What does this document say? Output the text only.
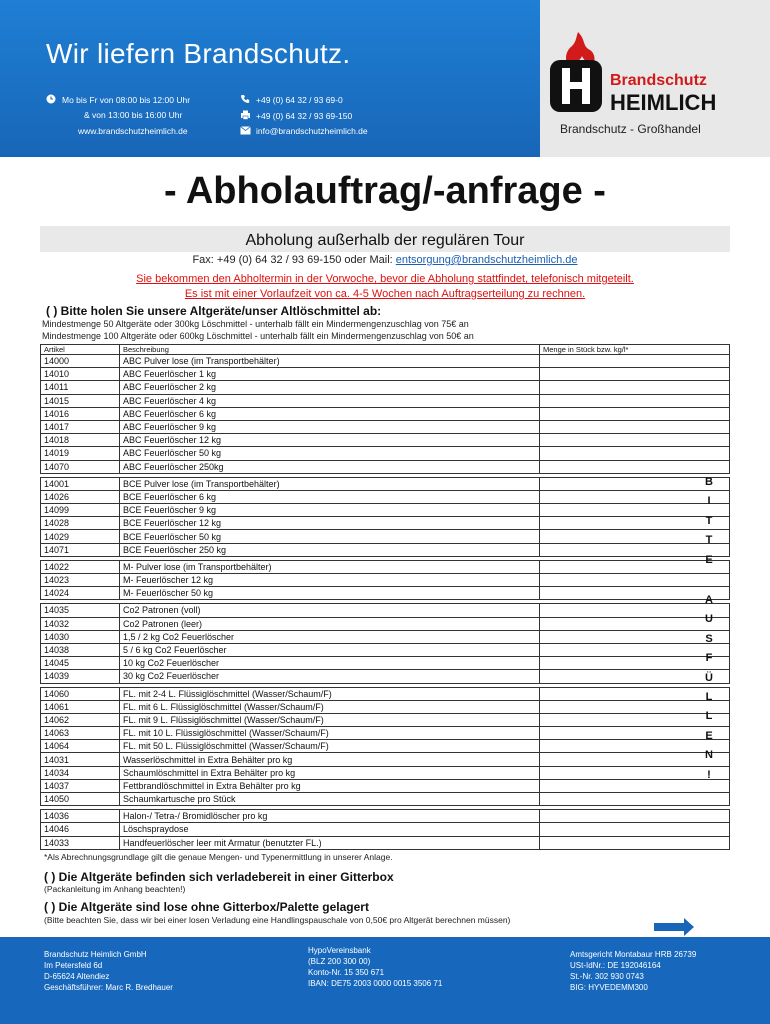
Wir liefern Brandschutz.
Mo bis Fr von 08:00 bis 12:00 Uhr
& von 13:00 bis 16:00 Uhr
www.brandschutzheimlich.de
+49 (0) 64 32 / 93 69-0
+49 (0) 64 32 / 93 69-150
info@brandschutzheimlich.de
Brandschutz
HEIMLICH
Brandschutz - Großhandel
- Abholauftrag/-anfrage -
Abholung außerhalb der regulären Tour
Fax: +49 (0) 64 32 / 93 69-150 oder Mail: entsorgung@brandschutzheimlich.de
Sie bekommen den Abholtermin in der Vorwoche, bevor die Abholung stattfindet, telefonisch mitgeteilt.
Es ist mit einer Vorlaufzeit von ca. 4-5 Wochen nach Auftragserteilung zu rechnen.
( ) Bitte holen Sie unsere Altgeräte/unser Altlöschmittel ab:
Mindestmenge 50 Altgeräte oder 300kg Löschmittel - unterhalb fällt ein Mindermengenzuschlag von 75€ an
Mindestmenge 100 Altgeräte oder 600kg Löschmittel - unterhalb fällt ein Mindermengenzuschlag von 50€ an
Artikel	Beschreibung	Menge in Stück bzw. kg/l*
14000	ABC Pulver lose (im Transportbehälter)	
14010	ABC Feuerlöscher 1 kg	
14011	ABC Feuerlöscher 2 kg	
14015	ABC Feuerlöscher 4 kg	
14016	ABC Feuerlöscher 6 kg	
14017	ABC Feuerlöscher 9 kg	
14018	ABC Feuerlöscher 12 kg	
14019	ABC Feuerlöscher 50 kg	
14070	ABC Feuerlöscher 250kg	

14001	BCE Pulver lose (im Transportbehälter)	
14026	BCE Feuerlöscher 6 kg	
14099	BCE Feuerlöscher 9 kg	
14028	BCE Feuerlöscher 12 kg	
14029	BCE Feuerlöscher 50 kg	
14071	BCE Feuerlöscher 250 kg	

14022	M- Pulver lose (im Transportbehälter)	
14023	M- Feuerlöscher 12 kg	
14024	M- Feuerlöscher 50 kg	

14035	Co2 Patronen (voll)	
14032	Co2 Patronen (leer)	
14030	1,5 / 2 kg Co2 Feuerlöscher	
14038	5 / 6 kg Co2 Feuerlöscher	
14045	10 kg Co2 Feuerlöscher	
14039	30 kg Co2 Feuerlöscher	

14060	FL. mit 2-4 L. Flüssiglöschmittel (Wasser/Schaum/F)	
14061	FL. mit 6 L. Flüssiglöschmittel (Wasser/Schaum/F)	
14062	FL. mit 9 L. Flüssiglöschmittel (Wasser/Schaum/F)	
14063	FL. mit 10 L. Flüssiglöschmittel (Wasser/Schaum/F)	
14064	FL. mit 50 L. Flüssiglöschmittel (Wasser/Schaum/F)	
14031	Wasserlöschmittel in Extra Behälter pro kg	
14034	Schaumlöschmittel in Extra Behälter pro kg	
14037	Fettbrandlöschmittel in Extra Behälter pro kg	
14050	Schaumkartusche pro Stück	

14036	Halon-/ Tetra-/ Bromidlöscher pro kg	
14046	Löschspraydose	
14033	Handfeuerlöscher leer mit Armatur (benutzter FL.)	
B
I
T
T
E
A
U
S
F
Ü
L
L
E
N
!
*Als Abrechnungsgrundlage gilt die genaue Mengen- und Typenermittlung in unserer Anlage.
( ) Die Altgeräte befinden sich verladebereit in einer Gitterbox
(Packanleitung im Anhang beachten!)
( ) Die Altgeräte sind lose ohne Gitterbox/Palette gelagert
(Bitte beachten Sie, dass wir bei einer losen Verladung eine Handlingspauschale von 0,50€ pro Altgerät berechnen müssen)
Brandschutz Heimlich GmbH
Im Petersfeld 6d
D-65624 Altendiez
Geschäftsführer: Marc R. Bredhauer
HypoVereinsbank
(BLZ 200 300 00)
Konto-Nr. 15 350 671
IBAN: DE75 2003 0000 0015 3506 71
Amtsgericht Montabaur HRB 26739
USt-IdNr.: DE 192046164
St.-Nr. 302 930 0743
BIG: HYVEDEMM300
